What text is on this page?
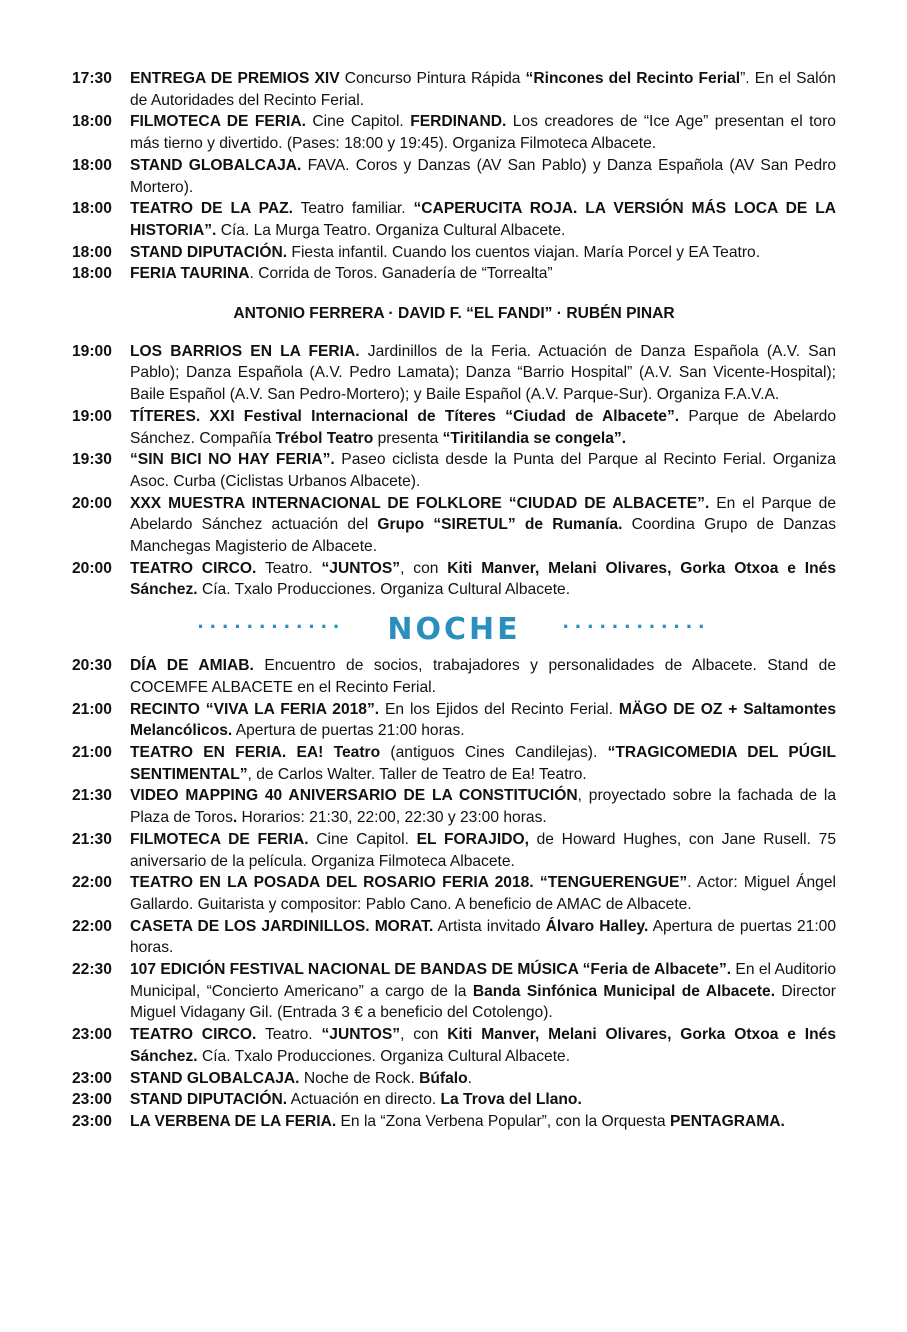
17:30	ENTREGA DE PREMIOS XIV Concurso Pintura Rápida “Rincones del Recinto Ferial”. En el Salón de Autoridades del Recinto Ferial.
18:00	FILMOTECA DE FERIA. Cine Capitol. FERDINAND. Los creadores de “Ice Age” presentan el toro más tierno y divertido. (Pases: 18:00 y 19:45). Organiza Filmoteca Albacete.
18:00	STAND GLOBALCAJA. FAVA. Coros y Danzas (AV San Pablo) y Danza Española (AV San Pedro Mortero).
18:00	TEATRO DE LA PAZ. Teatro familiar. “CAPERUCITA ROJA. LA VERSIÓN MÁS LOCA DE LA HISTORIA”. Cía. La Murga Teatro. Organiza Cultural Albacete.
18:00	STAND DIPUTACIÓN. Fiesta infantil. Cuando los cuentos viajan. María Porcel y EA Teatro.
18:00	FERIA TAURINA. Corrida de Toros. Ganadería de “Torrealta”
ANTONIO FERRERA · DAVID F. “EL FANDI” · RUBÉN PINAR
19:00	LOS BARRIOS EN LA FERIA. Jardinillos de la Feria. Actuación de Danza Española (A.V. San Pablo); Danza Española (A.V. Pedro Lamata); Danza “Barrio Hospital” (A.V. San Vicente-Hospital); Baile Español (A.V. San Pedro-Mortero); y Baile Español (A.V. Parque-Sur). Organiza F.A.V.A.
19:00	TÍTERES. XXI Festival Internacional de Títeres “Ciudad de Albacete”. Parque de Abelardo Sánchez. Compañía Trébol Teatro presenta “Tiritilandia se congela”.
19:30	“SIN BICI NO HAY FERIA”. Paseo ciclista desde la Punta del Parque al Recinto Ferial. Organiza Asoc. Curba (Ciclistas Urbanos Albacete).
20:00	XXX MUESTRA INTERNACIONAL DE FOLKLORE “CIUDAD DE ALBACETE”. En el Parque de Abelardo Sánchez actuación del Grupo “SIRETUL” de Rumanía. Coordina Grupo de Danzas Manchegas Magisterio de Albacete.
20:00	TEATRO CIRCO. Teatro. “JUNTOS”, con Kiti Manver, Melani Olivares, Gorka Otxoa e Inés Sánchez. Cía. Txalo Producciones. Organiza Cultural Albacete.
············ NOCHE ············
20:30	DÍA DE AMIAB. Encuentro de socios, trabajadores y personalidades de Albacete. Stand de COCEMFE ALBACETE en el Recinto Ferial.
21:00	RECINTO “VIVA LA FERIA 2018”. En los Ejidos del Recinto Ferial. MÄGO DE OZ + Saltamontes Melancólicos. Apertura de puertas 21:00 horas.
21:00	TEATRO EN FERIA. EA! Teatro (antiguos Cines Candilejas). “TRAGICOMEDIA DEL PÚGIL SENTIMENTAL”, de Carlos Walter. Taller de Teatro de Ea! Teatro.
21:30	VIDEO MAPPING 40 ANIVERSARIO DE LA CONSTITUCIÓN, proyectado sobre la fachada de la Plaza de Toros. Horarios: 21:30, 22:00, 22:30 y 23:00 horas.
21:30	FILMOTECA DE FERIA. Cine Capitol. EL FORAJIDO, de Howard Hughes, con Jane Rusell. 75 aniversario de la película. Organiza Filmoteca Albacete.
22:00	TEATRO EN LA POSADA DEL ROSARIO FERIA 2018. “TENGUERENGUE”. Actor: Miguel Ángel Gallardo. Guitarista y compositor: Pablo Cano. A beneficio de AMAC de Albacete.
22:00	CASETA DE LOS JARDINILLOS. MORAT. Artista invitado Álvaro Halley. Apertura de puertas 21:00 horas.
22:30	107 EDICIÓN FESTIVAL NACIONAL DE BANDAS DE MÚSICA “Feria de Albacete”. En el Auditorio Municipal, “Concierto Americano” a cargo de la Banda Sinfónica Municipal de Albacete. Director Miguel Vidagany Gil. (Entrada 3 € a beneficio del Cotolengo).
23:00	TEATRO CIRCO. Teatro. “JUNTOS”, con Kiti Manver, Melani Olivares, Gorka Otxoa e Inés Sánchez. Cía. Txalo Producciones. Organiza Cultural Albacete.
23:00	STAND GLOBALCAJA. Noche de Rock. Búfalo.
23:00	STAND DIPUTACIÓN. Actuación en directo. La Trova del Llano.
23:00	LA VERBENA DE LA FERIA. En la “Zona Verbena Popular”, con la Orquesta PENTAGRAMA.
